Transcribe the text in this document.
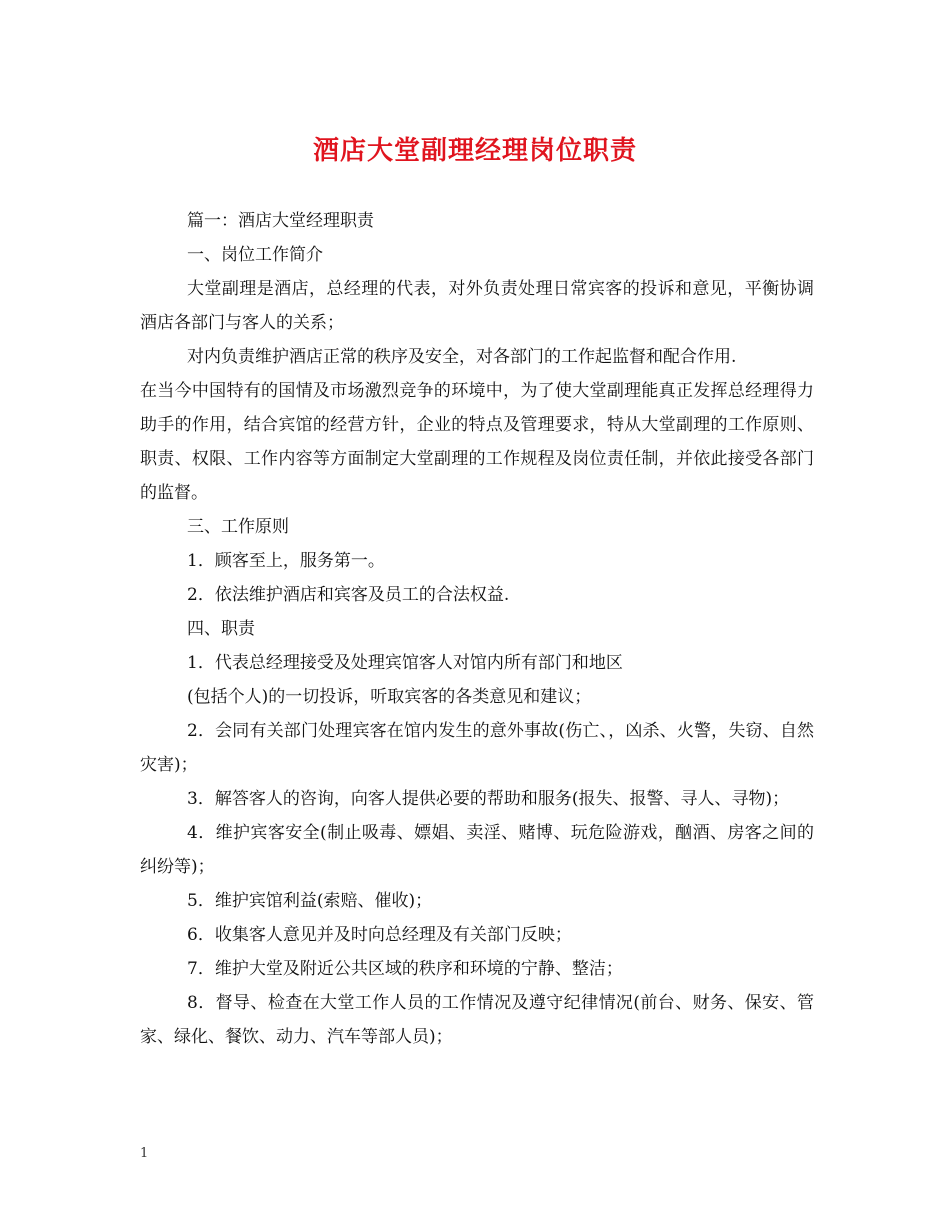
酒店大堂副理经理岗位职责

篇一：酒店大堂经理职责

一、岗位工作简介

大堂副理是酒店，总经理的代表，对外负责处理日常宾客的投诉和意见，平衡协调酒店各部门与客人的关系；

对内负责维护酒店正常的秩序及安全，对各部门的工作起监督和配合作用.

在当今中国特有的国情及市场激烈竞争的环境中，为了使大堂副理能真正发挥总经理得力助手的作用，结合宾馆的经营方针，企业的特点及管理要求，特从大堂副理的工作原则、职责、权限、工作内容等方面制定大堂副理的工作规程及岗位责任制，并依此接受各部门的监督。

三、工作原则

1．顾客至上，服务第一。

2．依法维护酒店和宾客及员工的合法权益.

四、职责

1．代表总经理接受及处理宾馆客人对馆内所有部门和地区

(包括个人)的一切投诉，听取宾客的各类意见和建议；

2．会同有关部门处理宾客在馆内发生的意外事故(伤亡、，凶杀、火警，失窃、自然灾害)；

3．解答客人的咨询，向客人提供必要的帮助和服务(报失、报警、寻人、寻物)；

4．维护宾客安全(制止吸毒、嫖娼、卖淫、赌博、玩危险游戏，酗酒、房客之间的纠纷等)；

5．维护宾馆利益(索赔、催收)；

6．收集客人意见并及时向总经理及有关部门反映；

7．维护大堂及附近公共区域的秩序和环境的宁静、整洁；

8．督导、检查在大堂工作人员的工作情况及遵守纪律情况(前台、财务、保安、管家、绿化、餐饮、动力、汽车等部人员)；

1
